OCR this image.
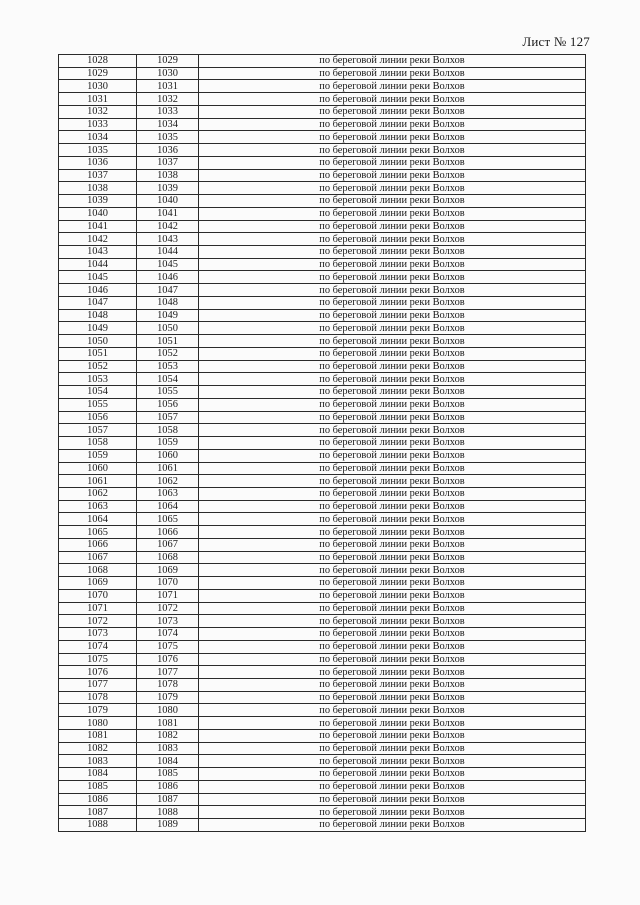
Лист № 127
1028	1029	по береговой линии реки Волхов
1029	1030	по береговой линии реки Волхов
1030	1031	по береговой линии реки Волхов
1031	1032	по береговой линии реки Волхов
1032	1033	по береговой линии реки Волхов
1033	1034	по береговой линии реки Волхов
1034	1035	по береговой линии реки Волхов
1035	1036	по береговой линии реки Волхов
1036	1037	по береговой линии реки Волхов
1037	1038	по береговой линии реки Волхов
1038	1039	по береговой линии реки Волхов
1039	1040	по береговой линии реки Волхов
1040	1041	по береговой линии реки Волхов
1041	1042	по береговой линии реки Волхов
1042	1043	по береговой линии реки Волхов
1043	1044	по береговой линии реки Волхов
1044	1045	по береговой линии реки Волхов
1045	1046	по береговой линии реки Волхов
1046	1047	по береговой линии реки Волхов
1047	1048	по береговой линии реки Волхов
1048	1049	по береговой линии реки Волхов
1049	1050	по береговой линии реки Волхов
1050	1051	по береговой линии реки Волхов
1051	1052	по береговой линии реки Волхов
1052	1053	по береговой линии реки Волхов
1053	1054	по береговой линии реки Волхов
1054	1055	по береговой линии реки Волхов
1055	1056	по береговой линии реки Волхов
1056	1057	по береговой линии реки Волхов
1057	1058	по береговой линии реки Волхов
1058	1059	по береговой линии реки Волхов
1059	1060	по береговой линии реки Волхов
1060	1061	по береговой линии реки Волхов
1061	1062	по береговой линии реки Волхов
1062	1063	по береговой линии реки Волхов
1063	1064	по береговой линии реки Волхов
1064	1065	по береговой линии реки Волхов
1065	1066	по береговой линии реки Волхов
1066	1067	по береговой линии реки Волхов
1067	1068	по береговой линии реки Волхов
1068	1069	по береговой линии реки Волхов
1069	1070	по береговой линии реки Волхов
1070	1071	по береговой линии реки Волхов
1071	1072	по береговой линии реки Волхов
1072	1073	по береговой линии реки Волхов
1073	1074	по береговой линии реки Волхов
1074	1075	по береговой линии реки Волхов
1075	1076	по береговой линии реки Волхов
1076	1077	по береговой линии реки Волхов
1077	1078	по береговой линии реки Волхов
1078	1079	по береговой линии реки Волхов
1079	1080	по береговой линии реки Волхов
1080	1081	по береговой линии реки Волхов
1081	1082	по береговой линии реки Волхов
1082	1083	по береговой линии реки Волхов
1083	1084	по береговой линии реки Волхов
1084	1085	по береговой линии реки Волхов
1085	1086	по береговой линии реки Волхов
1086	1087	по береговой линии реки Волхов
1087	1088	по береговой линии реки Волхов
1088	1089	по береговой линии реки Волхов
